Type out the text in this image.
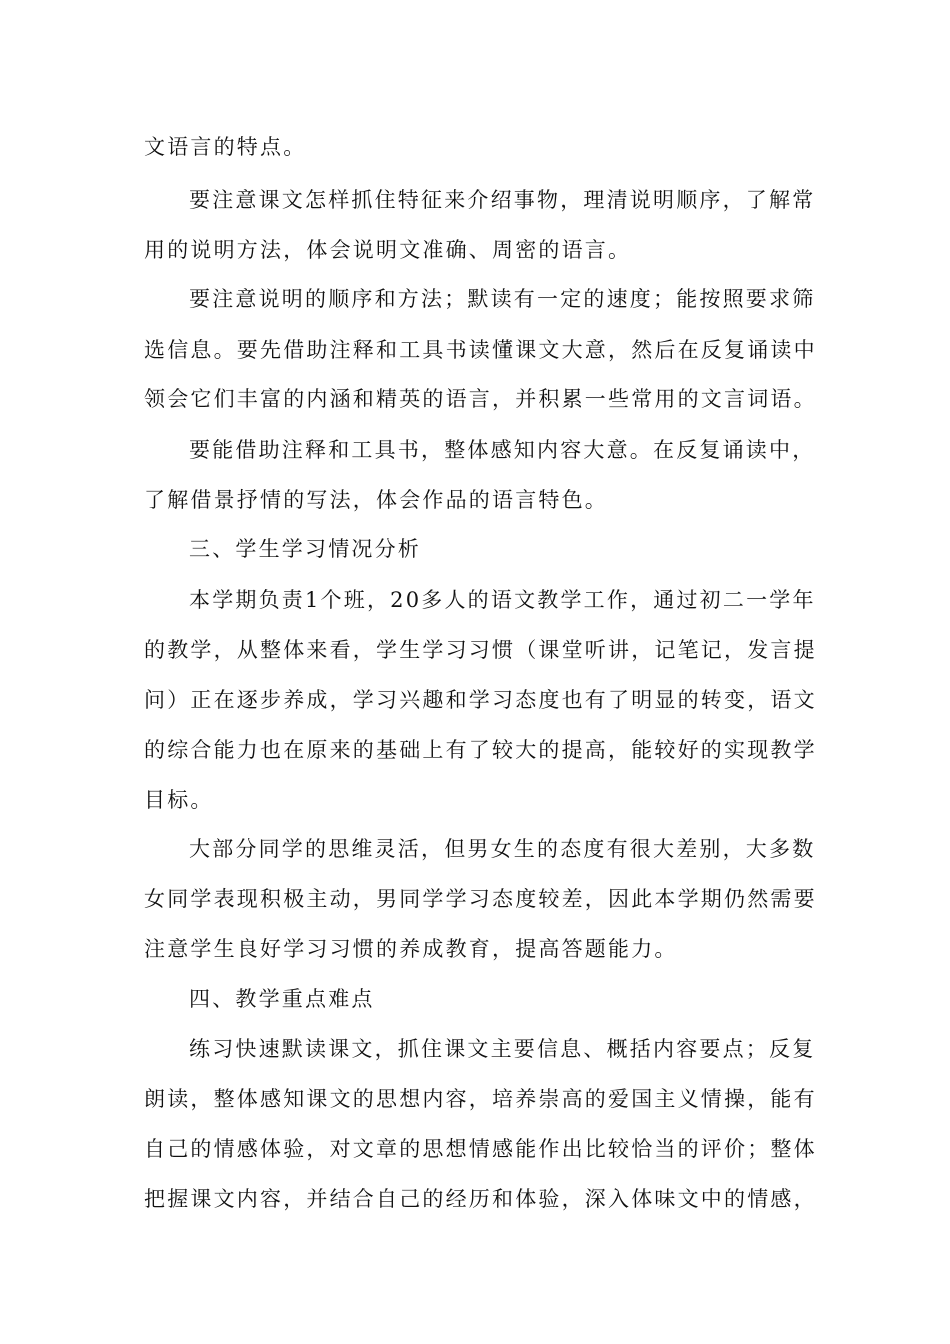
文语言的特点。
要注意课文怎样抓住特征来介绍事物，理清说明顺序，了解常
用的说明方法，体会说明文准确、周密的语言。
要注意说明的顺序和方法；默读有一定的速度；能按照要求筛
选信息。要先借助注释和工具书读懂课文大意，然后在反复诵读中
领会它们丰富的内涵和精英的语言，并积累一些常用的文言词语。
要能借助注释和工具书，整体感知内容大意。在反复诵读中，
了解借景抒情的写法，体会作品的语言特色。
三、学生学习情况分析
本学期负责1个班，20多人的语文教学工作，通过初二一学年
的教学，从整体来看，学生学习习惯（课堂听讲，记笔记，发言提
问）正在逐步养成，学习兴趣和学习态度也有了明显的转变，语文
的综合能力也在原来的基础上有了较大的提高，能较好的实现教学
目标。
大部分同学的思维灵活，但男女生的态度有很大差别，大多数
女同学表现积极主动，男同学学习态度较差，因此本学期仍然需要
注意学生良好学习习惯的养成教育，提高答题能力。
四、教学重点难点
练习快速默读课文，抓住课文主要信息、概括内容要点；反复
朗读，整体感知课文的思想内容，培养崇高的爱国主义情操，能有
自己的情感体验，对文章的思想情感能作出比较恰当的评价；整体
把握课文内容，并结合自己的经历和体验，深入体味文中的情感，
